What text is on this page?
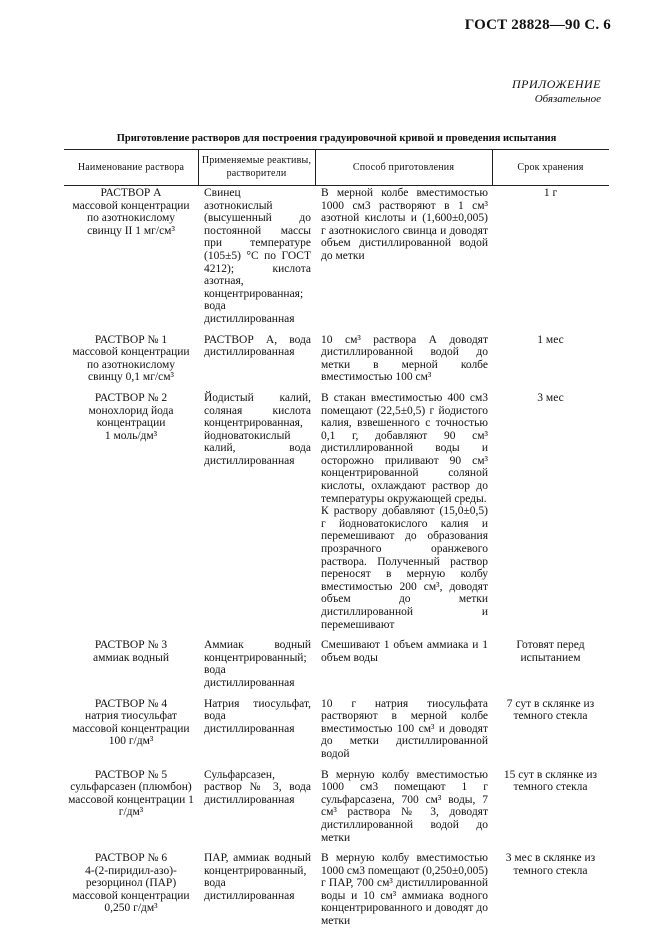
ГОСТ 28828—90 С. 6
ПРИЛОЖЕНИЕ
Обязательное
Приготовление растворов для построения градуировочной кривой и проведения испытания
Наименование раствора
Применяемые реактивы,
растворители
Способ приготовления	Срок хранения
РАСТВОР А
массовой концентрации
по азотнокислому
свинцу II 1 мг/см³
Свинец азотнокислый (высушенный до постоянной массы при температуре (105±5) °C по ГОСТ 4212); кислота азотная, концентрированная; вода дистиллированная
В мерной колбе вместимостью 1000 см3 растворяют в 1 см³ азотной кислоты и (1,600±0,005) г азотнокислого свинца и доводят объем дистиллированной водой до метки
1 г
РАСТВОР № 1
массовой концентрации
по азотнокислому
свинцу 0,1 мг/см³
РАСТВОР А, вода дистиллированная
10 см³ раствора А доводят дистиллированной водой до метки в мерной колбе вместимостью 100 см³
1 мес
РАСТВОР № 2
монохлорид йода
концентрации
1 моль/дм³
Йодистый калий, соляная кислота концентрированная, йодноватокислый калий, вода дистиллированная
В стакан вместимостью 400 см3 помещают (22,5±0,5) г йодистого калия, взвешенного с точностью 0,1 г, добавляют 90 см³ дистиллированной воды и осторожно приливают 90 см³ концентрированной соляной кислоты, охлаждают раствор до температуры окружающей среды.
К раствору добавляют (15,0±0,5) г йодноватокислого калия и перемешивают до образования прозрачного оранжевого раствора. Полученный раствор переносят в мерную колбу вместимостью 200 см³, доводят объем до метки дистиллированной и перемешивают
3 мес
РАСТВОР № 3
аммиак водный
Аммиак водный концентрированный; вода дистиллированная
Смешивают 1 объем аммиака и 1 объем воды
Готовят перед испытанием
РАСТВОР № 4
натрия тиосульфат массовой концентрации
100 г/дм³
Натрия тиосульфат, вода дистиллированная
10 г натрия тиосульфата растворяют в мерной колбе вместимостью 100 см³ и доводят до метки дистиллированной водой
7 сут в склянке из темного стекла
РАСТВОР № 5
сульфарсазен (плюмбон) массовой концентрации 1 г/дм³
Сульфарсазен, раствор № 3, вода дистиллированная
В мерную колбу вместимостью 1000 см3 помещают 1 г сульфарсазена, 700 см³ воды, 7 см³ раствора № 3, доводят дистиллированной водой до метки
15 сут в склянке из темного стекла
РАСТВОР № 6
4-(2-пиридил-азо)-резорцинол (ПАР) массовой концентрации
0,250 г/дм³
ПАР, аммиак водный концентрированный, вода дистиллированная
В мерную колбу вместимостью 1000 см3 помещают (0,250±0,005) г ПАР, 700 см³ дистиллированной воды и 10 см³ аммиака водного концентрированного и доводят до метки
3 мес в склянке из темного стекла
